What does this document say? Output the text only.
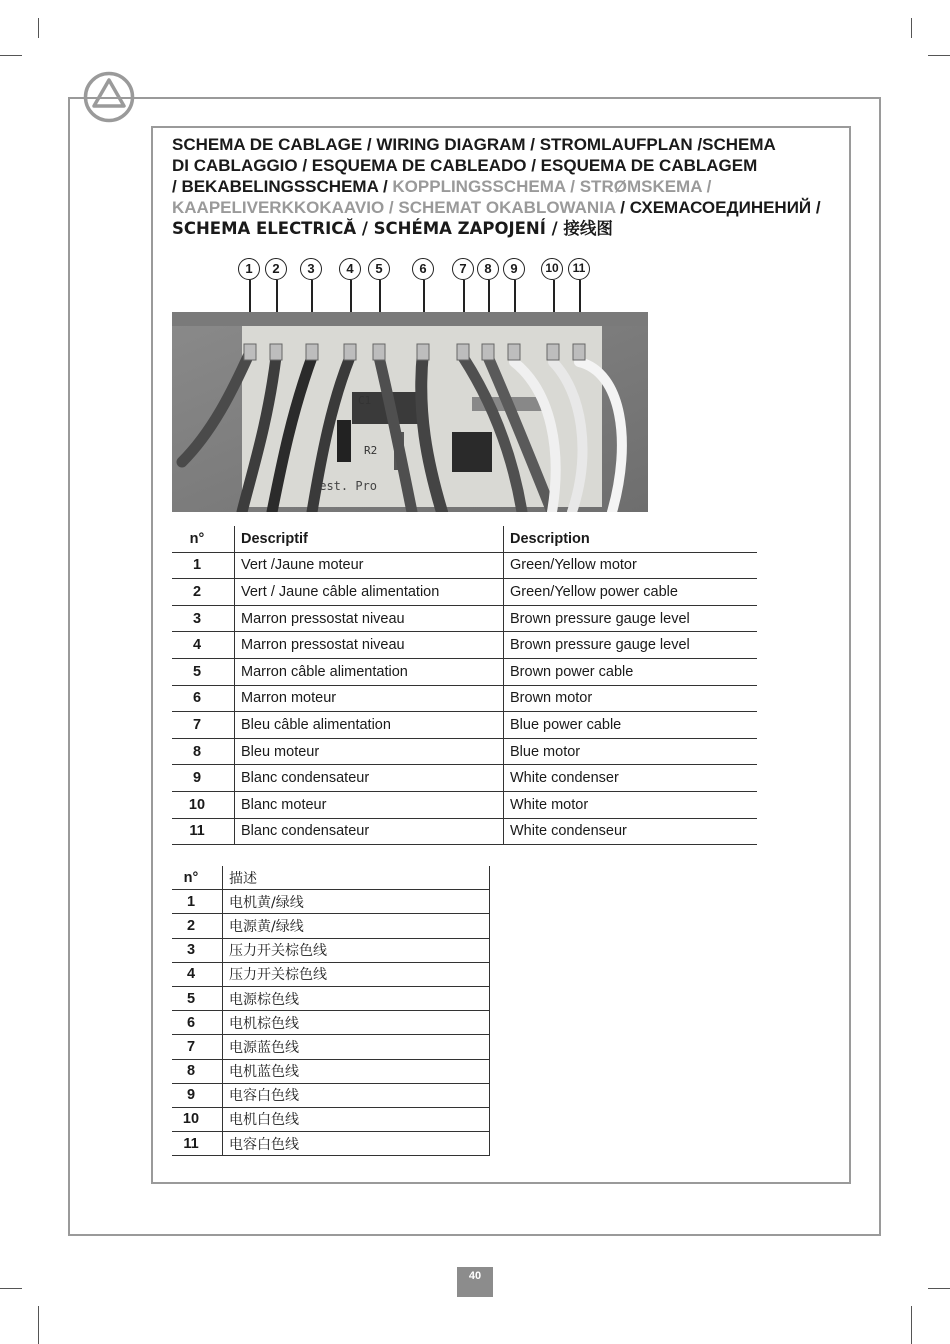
SCHEMA DE CABLAGE / WIRING DIAGRAM / STROMLAUFPLAN /SCHEMA
DI CABLAGGIO / ESQUEMA DE CABLEADO / ESQUEMA DE CABLAGEM
/ BEKABELINGSSCHEMA / KOPPLINGSSCHEMA / STRØMSKEMA /
KAAPELIVERKKOKAAVIO / SCHEMAT OKABLOWANIA / СХЕМАСОЕДИНЕНИЙ /
SCHEMA ELECTRICĂ / SCHÉMA ZAPOJENÍ / 接线图
1	2	3	4	5	6	7	8	9	10	11
C1
R2
Best. Pro
n°	Descriptif	Description
1	Vert /Jaune moteur	Green/Yellow motor
2	Vert / Jaune câble alimentation	Green/Yellow power cable
3	Marron pressostat niveau	Brown pressure gauge level
4	Marron pressostat niveau	Brown pressure gauge level
5	Marron câble alimentation	Brown power cable
6	Marron moteur	Brown motor
7	Bleu câble alimentation	Blue power cable
8	Bleu moteur	Blue motor
9	Blanc condensateur	White condenser
10	Blanc moteur	White motor
11	Blanc condensateur	White condenseur
n°	描述
1	电机黄/绿线
2	电源黄/绿线
3	压力开关棕色线
4	压力开关棕色线
5	电源棕色线
6	电机棕色线
7	电源蓝色线
8	电机蓝色线
9	电容白色线
10	电机白色线
11	电容白色线
40
